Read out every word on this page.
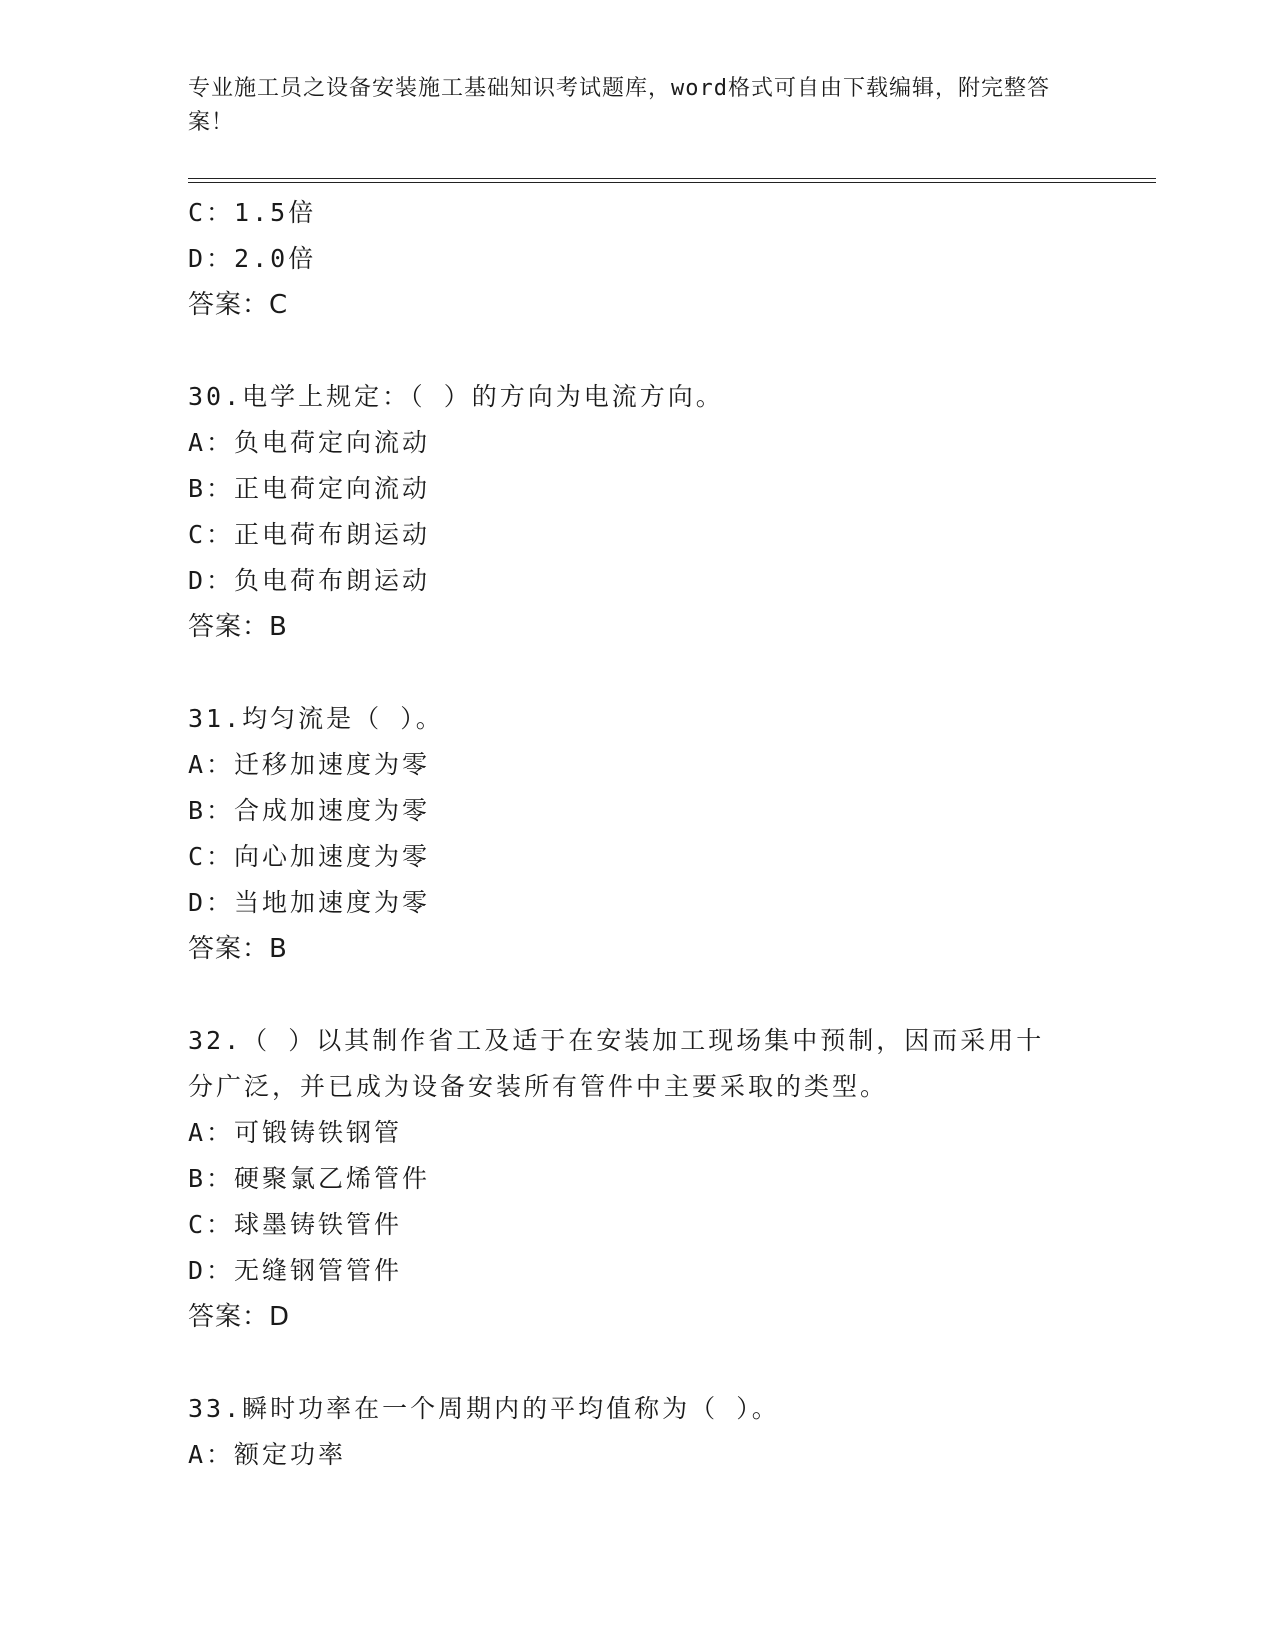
专业施工员之设备安装施工基础知识考试题库，word格式可自由下载编辑，附完整答案！
C：1.5倍
D：2.0倍
答案：C
30.电学上规定：（ ）的方向为电流方向。
A：负电荷定向流动
B：正电荷定向流动
C：正电荷布朗运动
D：负电荷布朗运动
答案：B
31.均匀流是（ ）。
A：迁移加速度为零
B：合成加速度为零
C：向心加速度为零
D：当地加速度为零
答案：B
32.（ ）以其制作省工及适于在安装加工现场集中预制，因而采用十分广泛，并已成为设备安装所有管件中主要采取的类型。
A：可锻铸铁钢管
B：硬聚氯乙烯管件
C：球墨铸铁管件
D：无缝钢管管件
答案：D
33.瞬时功率在一个周期内的平均值称为（ ）。
A：额定功率
